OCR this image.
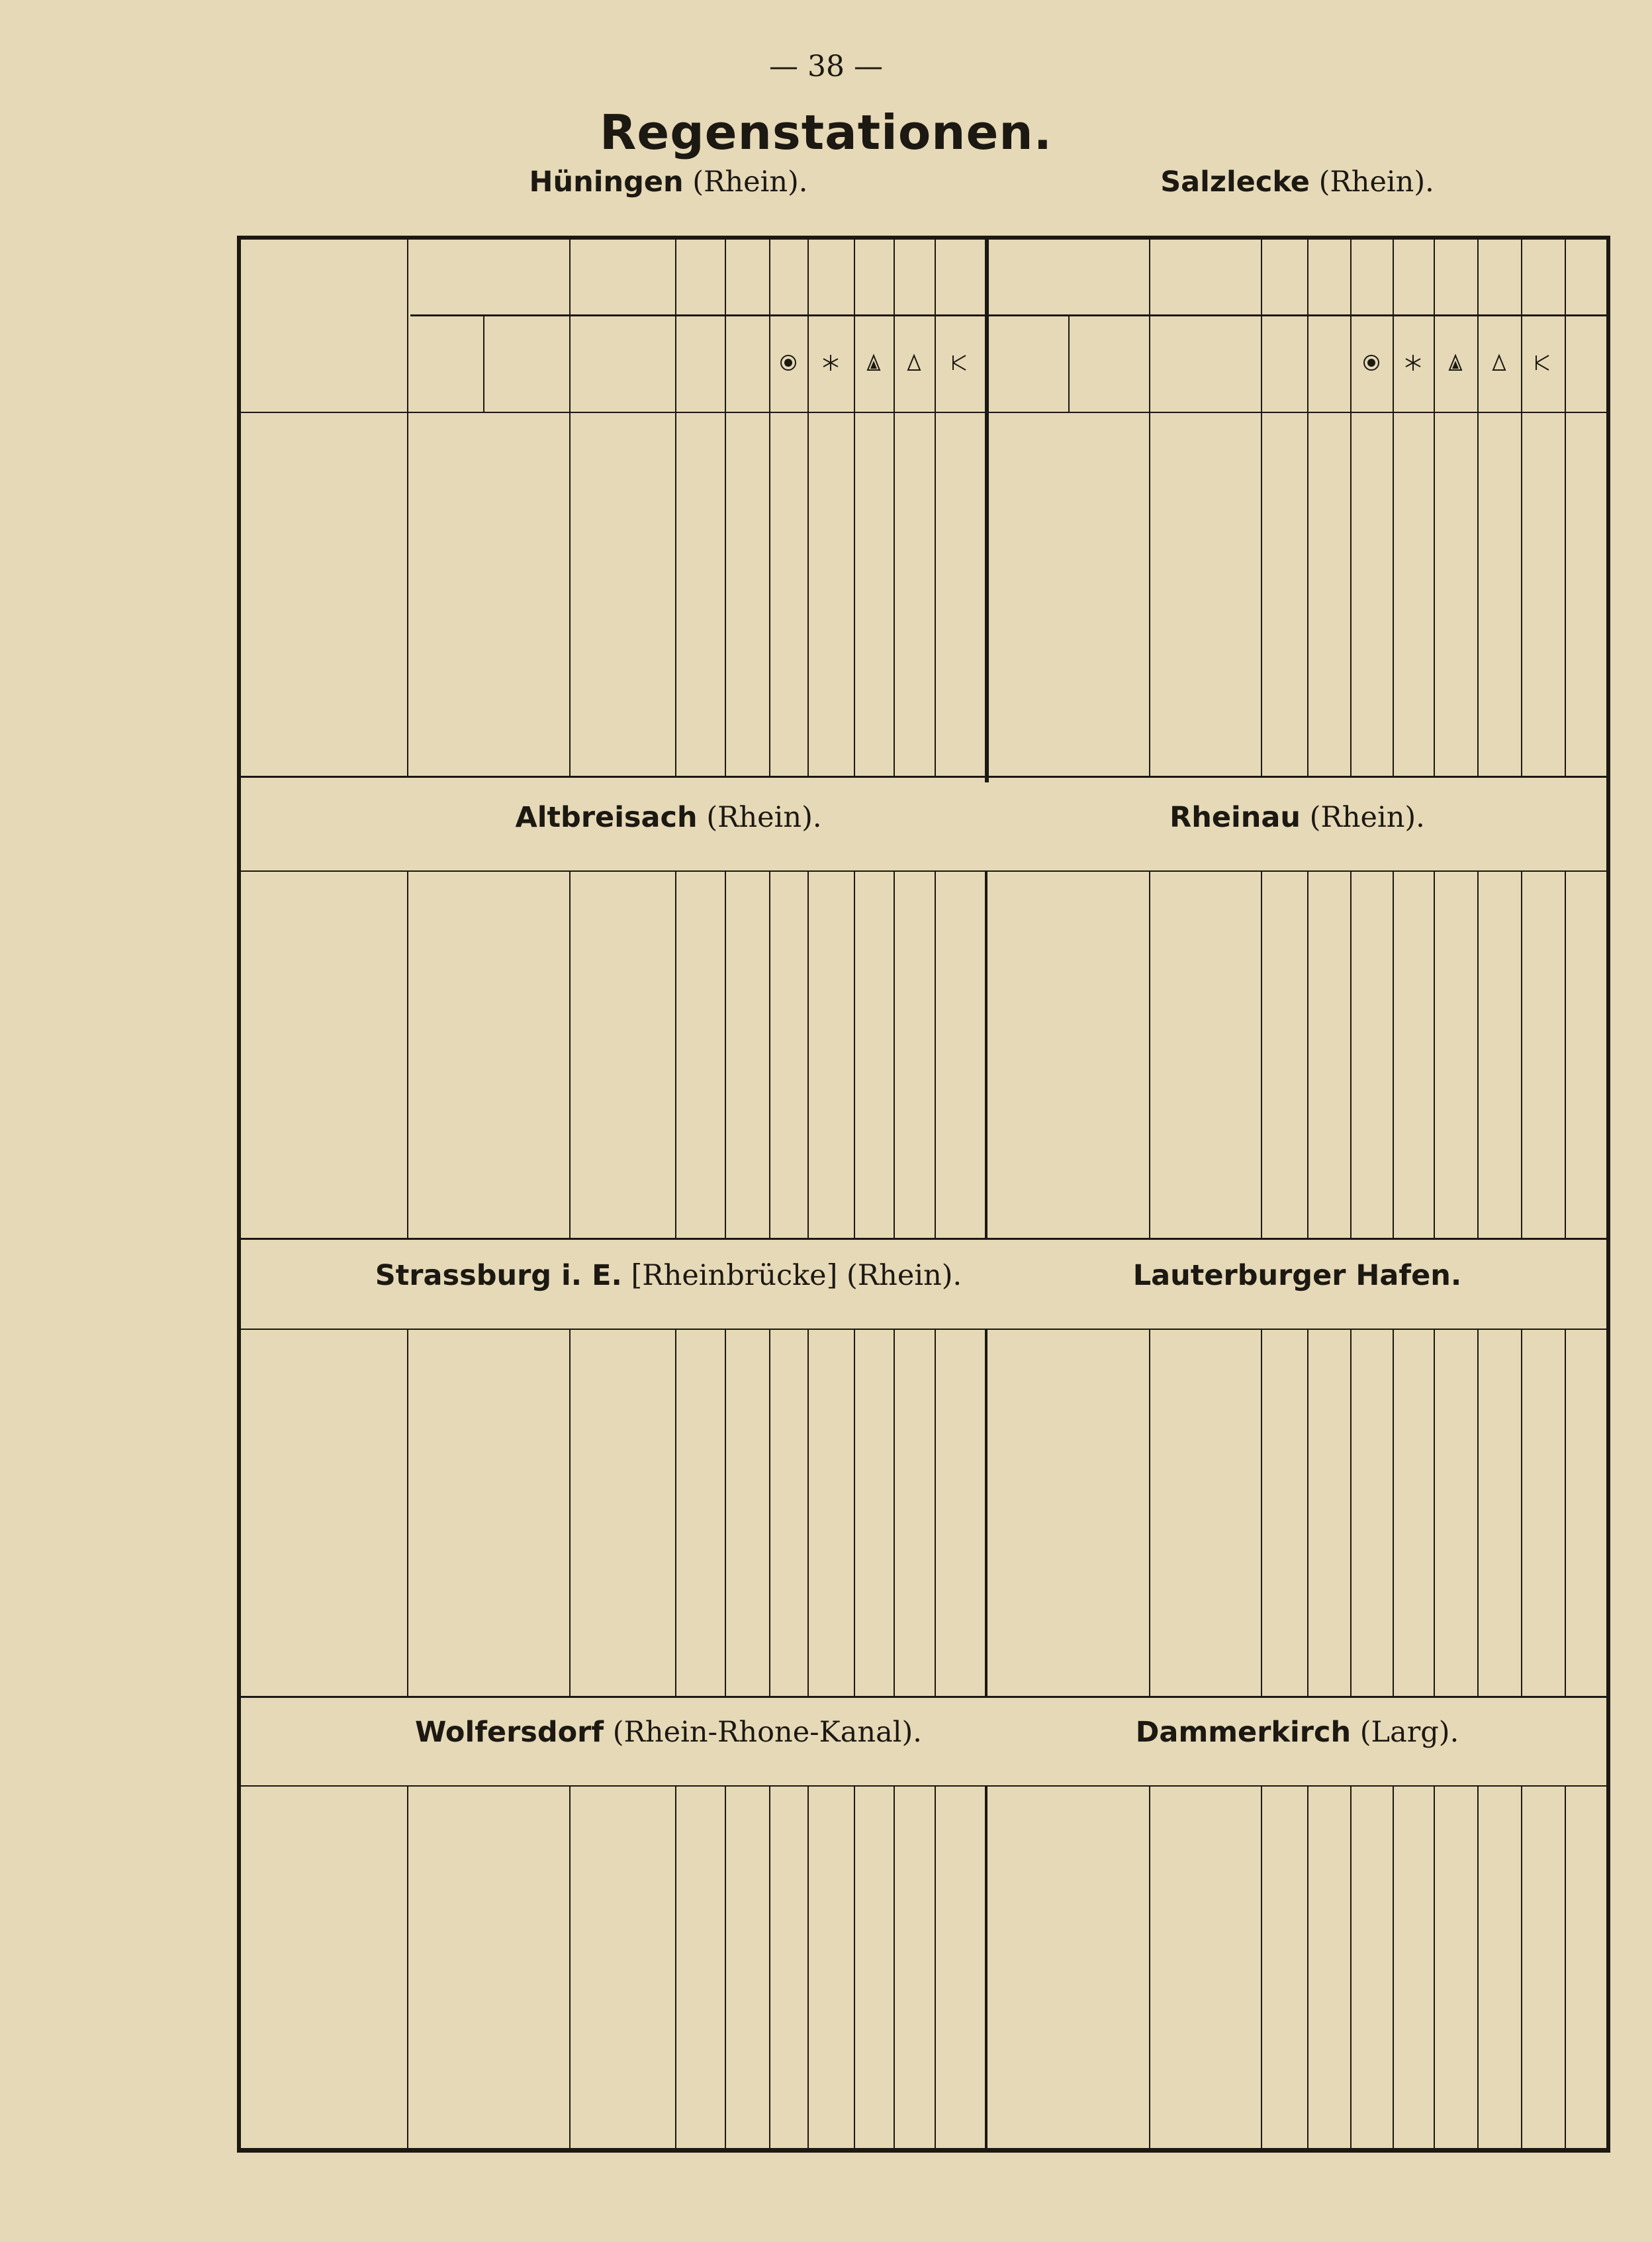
— 38 —
Regenstationen.
Hüningen (Rhein).	Salzlecke (Rhein).
Altbreisach (Rhein).	Rheinau (Rhein).
Strassburg i. E. [Rheinbrücke] (Rhein).	Lauterburger Hafen.
Wolfersdorf (Rhein-Rhone-Kanal).	Dammerkirch (Larg).
